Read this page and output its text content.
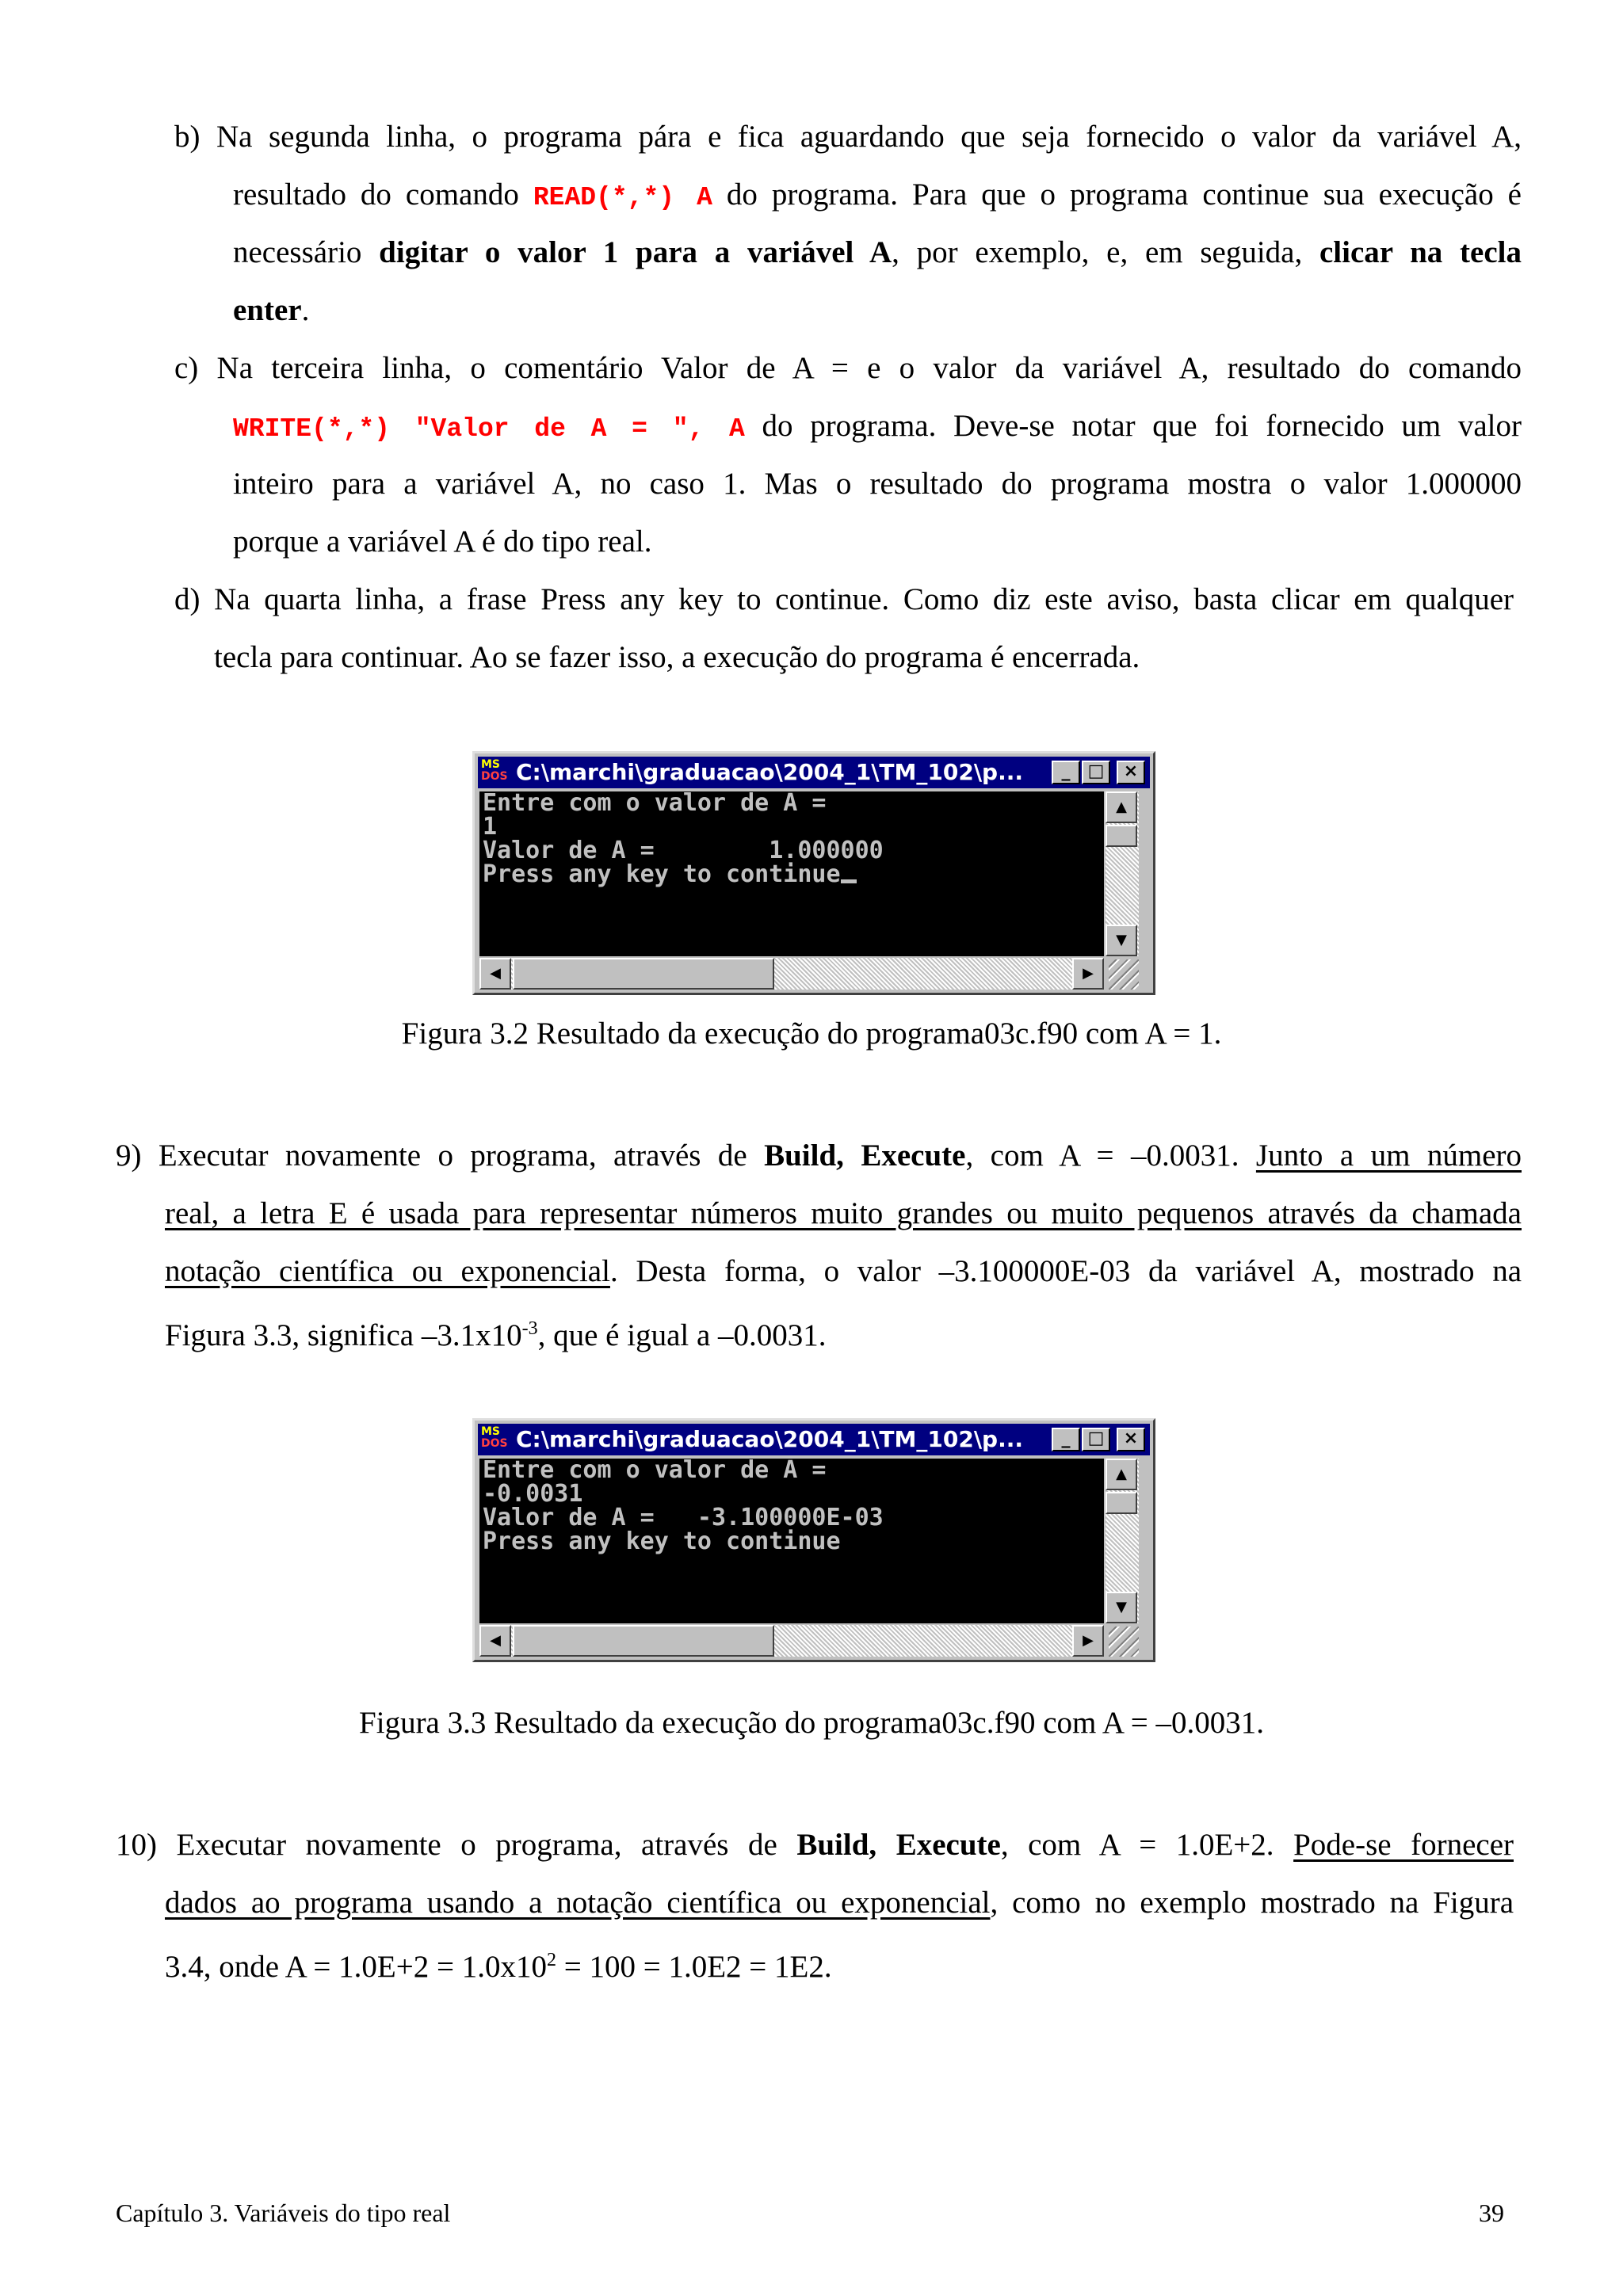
b) Na segunda linha, o programa pára e fica aguardando que seja fornecido o valor da variável A,
resultado do comando READ(*,*) A do programa. Para que o programa continue sua execução é
necessário digitar o valor 1 para a variável A, por exemplo, e, em seguida, clicar na tecla
enter.
c) Na terceira linha, o comentário Valor de A = e o valor da variável A, resultado do comando
WRITE(*,*) "Valor de A = ", A do programa. Deve-se notar que foi fornecido um valor
inteiro para a variável A, no caso 1. Mas o resultado do programa mostra o valor 1.000000
porque a variável A é do tipo real.
d) Na quarta linha, a frase Press any key to continue. Como diz este aviso, basta clicar em qualquer
tecla para continuar. Ao se fazer isso, a execução do programa é encerrada.
MS
DOS C:\marchi\graduacao\2004_1\TM_102\p...	_	□	×
Entre com o valor de A =
1
Valor de A =        1.000000
Press any key to continue
▲
▼
◀	▶
Figura 3.2 Resultado da execução do programa03c.f90 com A = 1.
9) Executar novamente o programa, através de Build, Execute, com A = –0.0031. Junto a um número
real, a letra E é usada para representar números muito grandes ou muito pequenos através da chamada
notação científica ou exponencial. Desta forma, o valor –3.100000E-03 da variável A, mostrado na
Figura 3.3, significa $-3.1x10^{-3}$, que é igual a –0.0031.
MS
DOS C:\marchi\graduacao\2004_1\TM_102\p...	_	□	×
Entre com o valor de A =
-0.0031
Valor de A =   -3.100000E-03
Press any key to continue
▲
▼
◀	▶
Figura 3.3 Resultado da execução do programa03c.f90 com A = –0.0031.
10) Executar novamente o programa, através de Build, Execute, com A = 1.0E+2. Pode-se fornecer
dados ao programa usando a notação científica ou exponencial, como no exemplo mostrado na Figura
3.4, onde $A = 1.0E+2 = 1.0x10^2 = 100 = 1.0E2 = 1E2$.
Capítulo 3. Variáveis do tipo real	39
